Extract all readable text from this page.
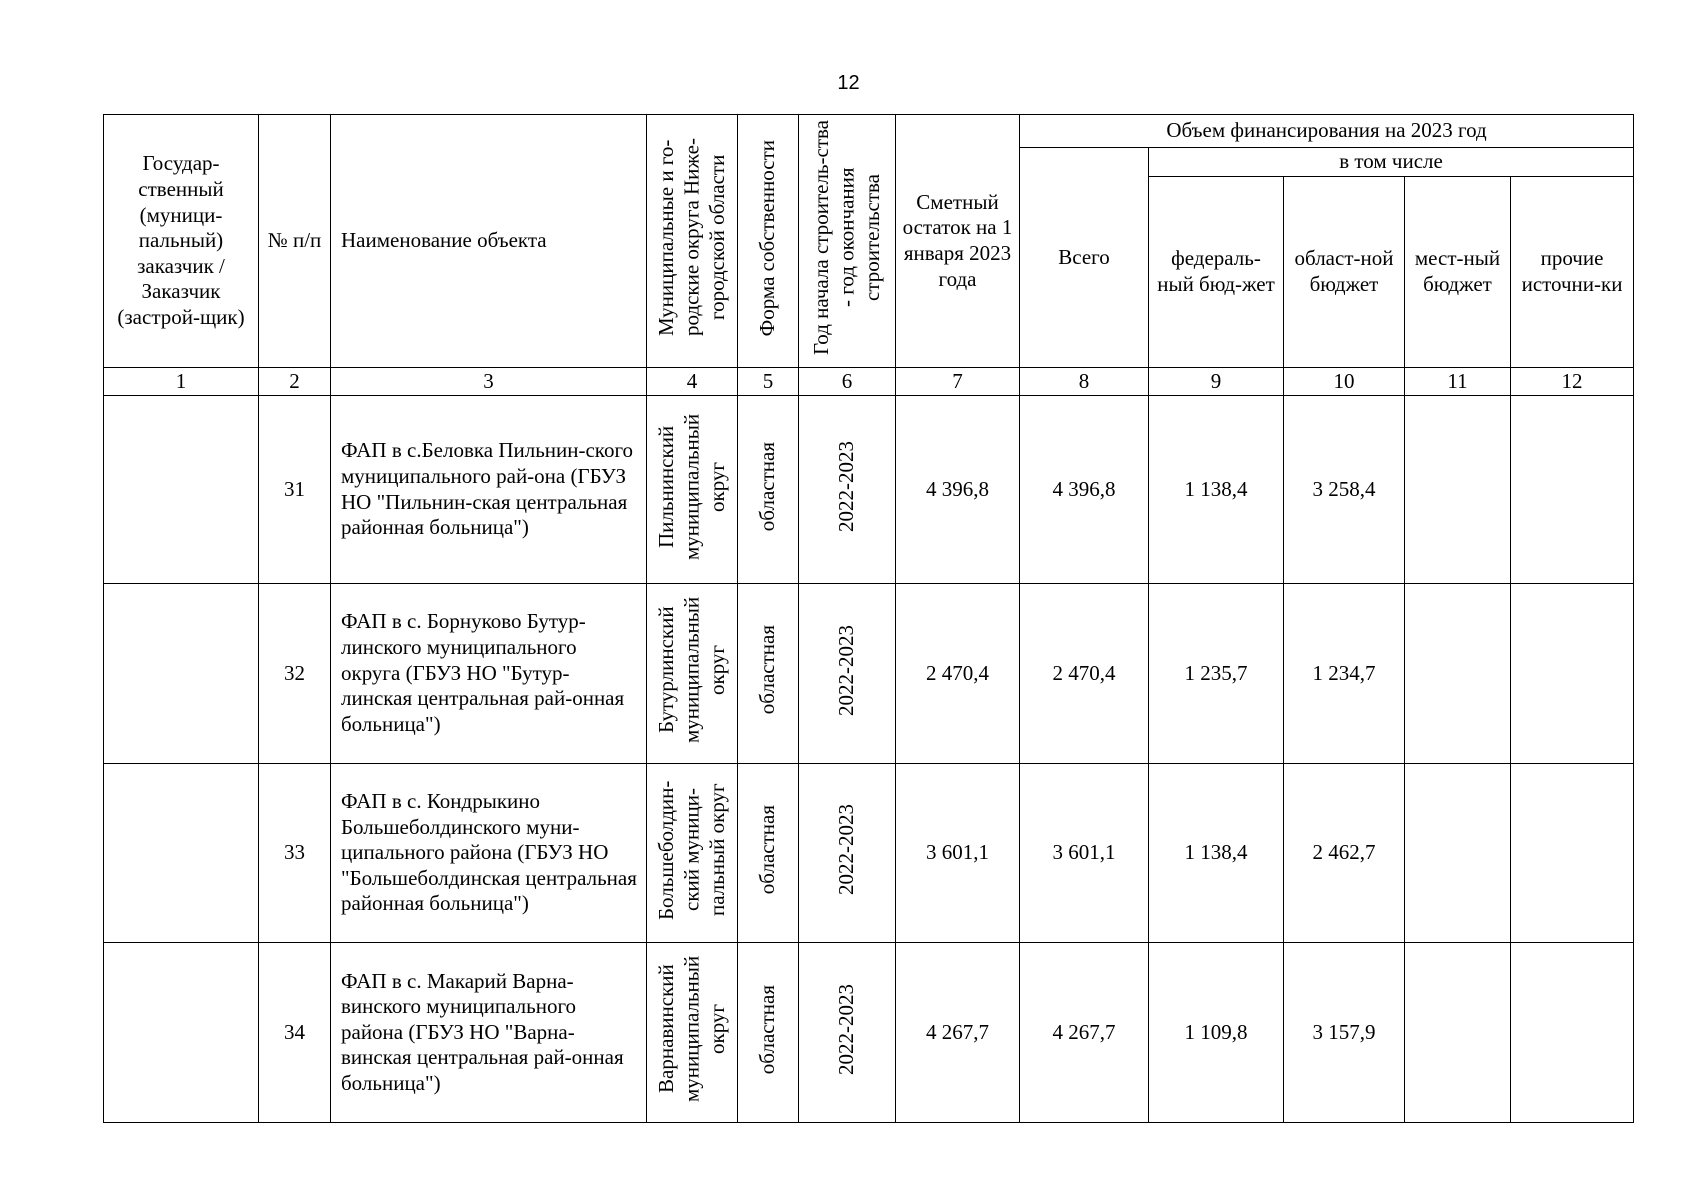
12
Государ-ственный (муници-пальный) заказчик / Заказчик (застрой-щик)	№ п/п	Наименование объекта	Муниципальные и го-родские округа Ниже-городской области	Форма собственности	Год начала строитель-ства - год окончания строительства	Сметный остаток на 1 января 2023 года	Объем финансирования на 2023 год				
							Всего	в том числе			
								федераль-ный бюд-жет	област-ной бюджет	мест-ный бюджет	прочие источни-ки
1	2	3	4	5	6	7	8	9	10	11	12
	31	ФАП в с.Беловка Пильнин-ского муниципального рай-она (ГБУЗ НО "Пильнин-ская центральная районная больница")	Пильнинский муниципальный округ	областная	2022-2023	4 396,8	4 396,8	1 138,4	3 258,4		
	32	ФАП в с. Борнуково Бутур-линского муниципального округа (ГБУЗ НО "Бутур-линская центральная рай-онная больница")	Бутурлинский муниципальный округ	областная	2022-2023	2 470,4	2 470,4	1 235,7	1 234,7		
	33	ФАП в с. Кондрыкино Большеболдинского муни-ципального района (ГБУЗ НО "Большеболдинская центральная районная больница")	Большеболдин-ский муници-пальный округ	областная	2022-2023	3 601,1	3 601,1	1 138,4	2 462,7		
	34	ФАП в с. Макарий Варна-винского муниципального района (ГБУЗ НО "Варна-винская центральная рай-онная больница")	Варнавинский муниципальный округ	областная	2022-2023	4 267,7	4 267,7	1 109,8	3 157,9		
